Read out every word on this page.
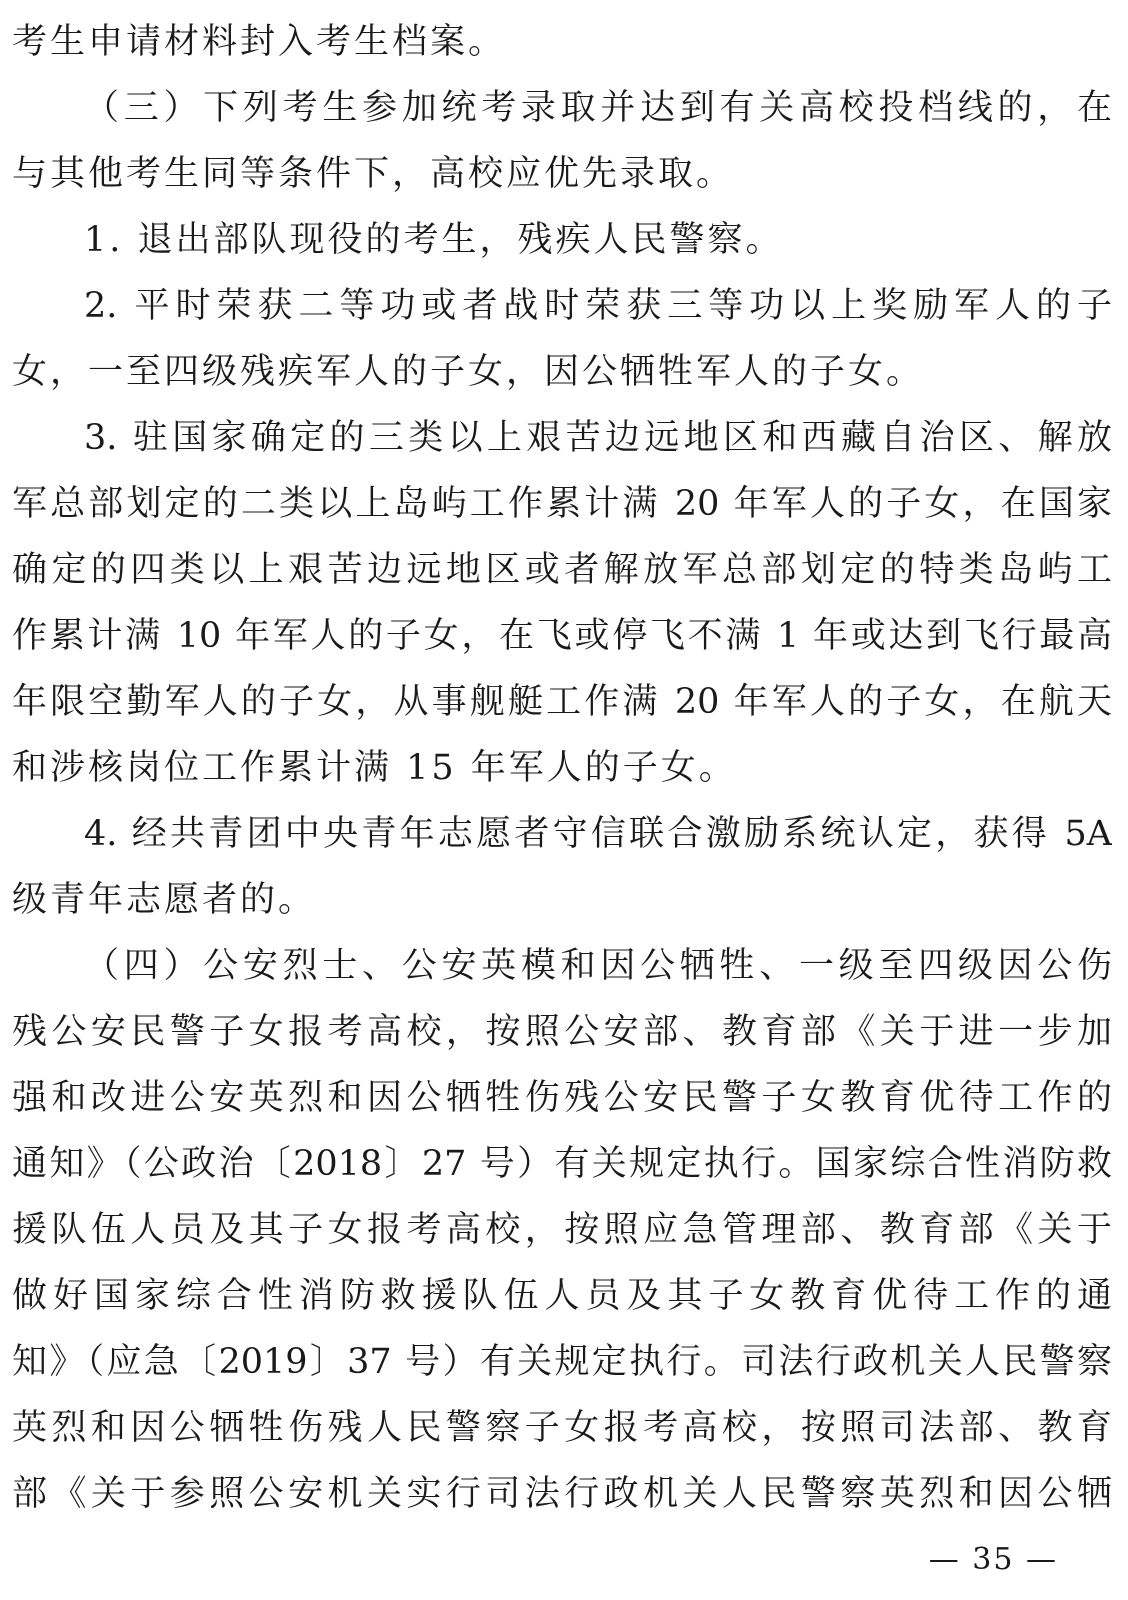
考生申请材料封入考生档案。

（三）下列考生参加统考录取并达到有关高校投档线的，在

与其他考生同等条件下，高校应优先录取。

1. 退出部队现役的考生，残疾人民警察。

2. 平时荣获二等功或者战时荣获三等功以上奖励军人的子

女，一至四级残疾军人的子女，因公牺牲军人的子女。

3. 驻国家确定的三类以上艰苦边远地区和西藏自治区、解放

军总部划定的二类以上岛屿工作累计满 20 年军人的子女，在国家

确定的四类以上艰苦边远地区或者解放军总部划定的特类岛屿工

作累计满 10 年军人的子女，在飞或停飞不满 1 年或达到飞行最高

年限空勤军人的子女，从事舰艇工作满 20 年军人的子女，在航天

和涉核岗位工作累计满 15 年军人的子女。

4. 经共青团中央青年志愿者守信联合激励系统认定，获得 5A

级青年志愿者的。

（四）公安烈士、公安英模和因公牺牲、一级至四级因公伤

残公安民警子女报考高校，按照公安部、教育部《关于进一步加

强和改进公安英烈和因公牺牲伤残公安民警子女教育优待工作的

通知》（公政治〔2018〕27 号）有关规定执行。国家综合性消防救

援队伍人员及其子女报考高校，按照应急管理部、教育部《关于

做好国家综合性消防救援队伍人员及其子女教育优待工作的通

知》（应急〔2019〕37 号）有关规定执行。司法行政机关人民警察

英烈和因公牺牲伤残人民警察子女报考高校，按照司法部、教育

部《关于参照公安机关实行司法行政机关人民警察英烈和因公牺

— 35 —
